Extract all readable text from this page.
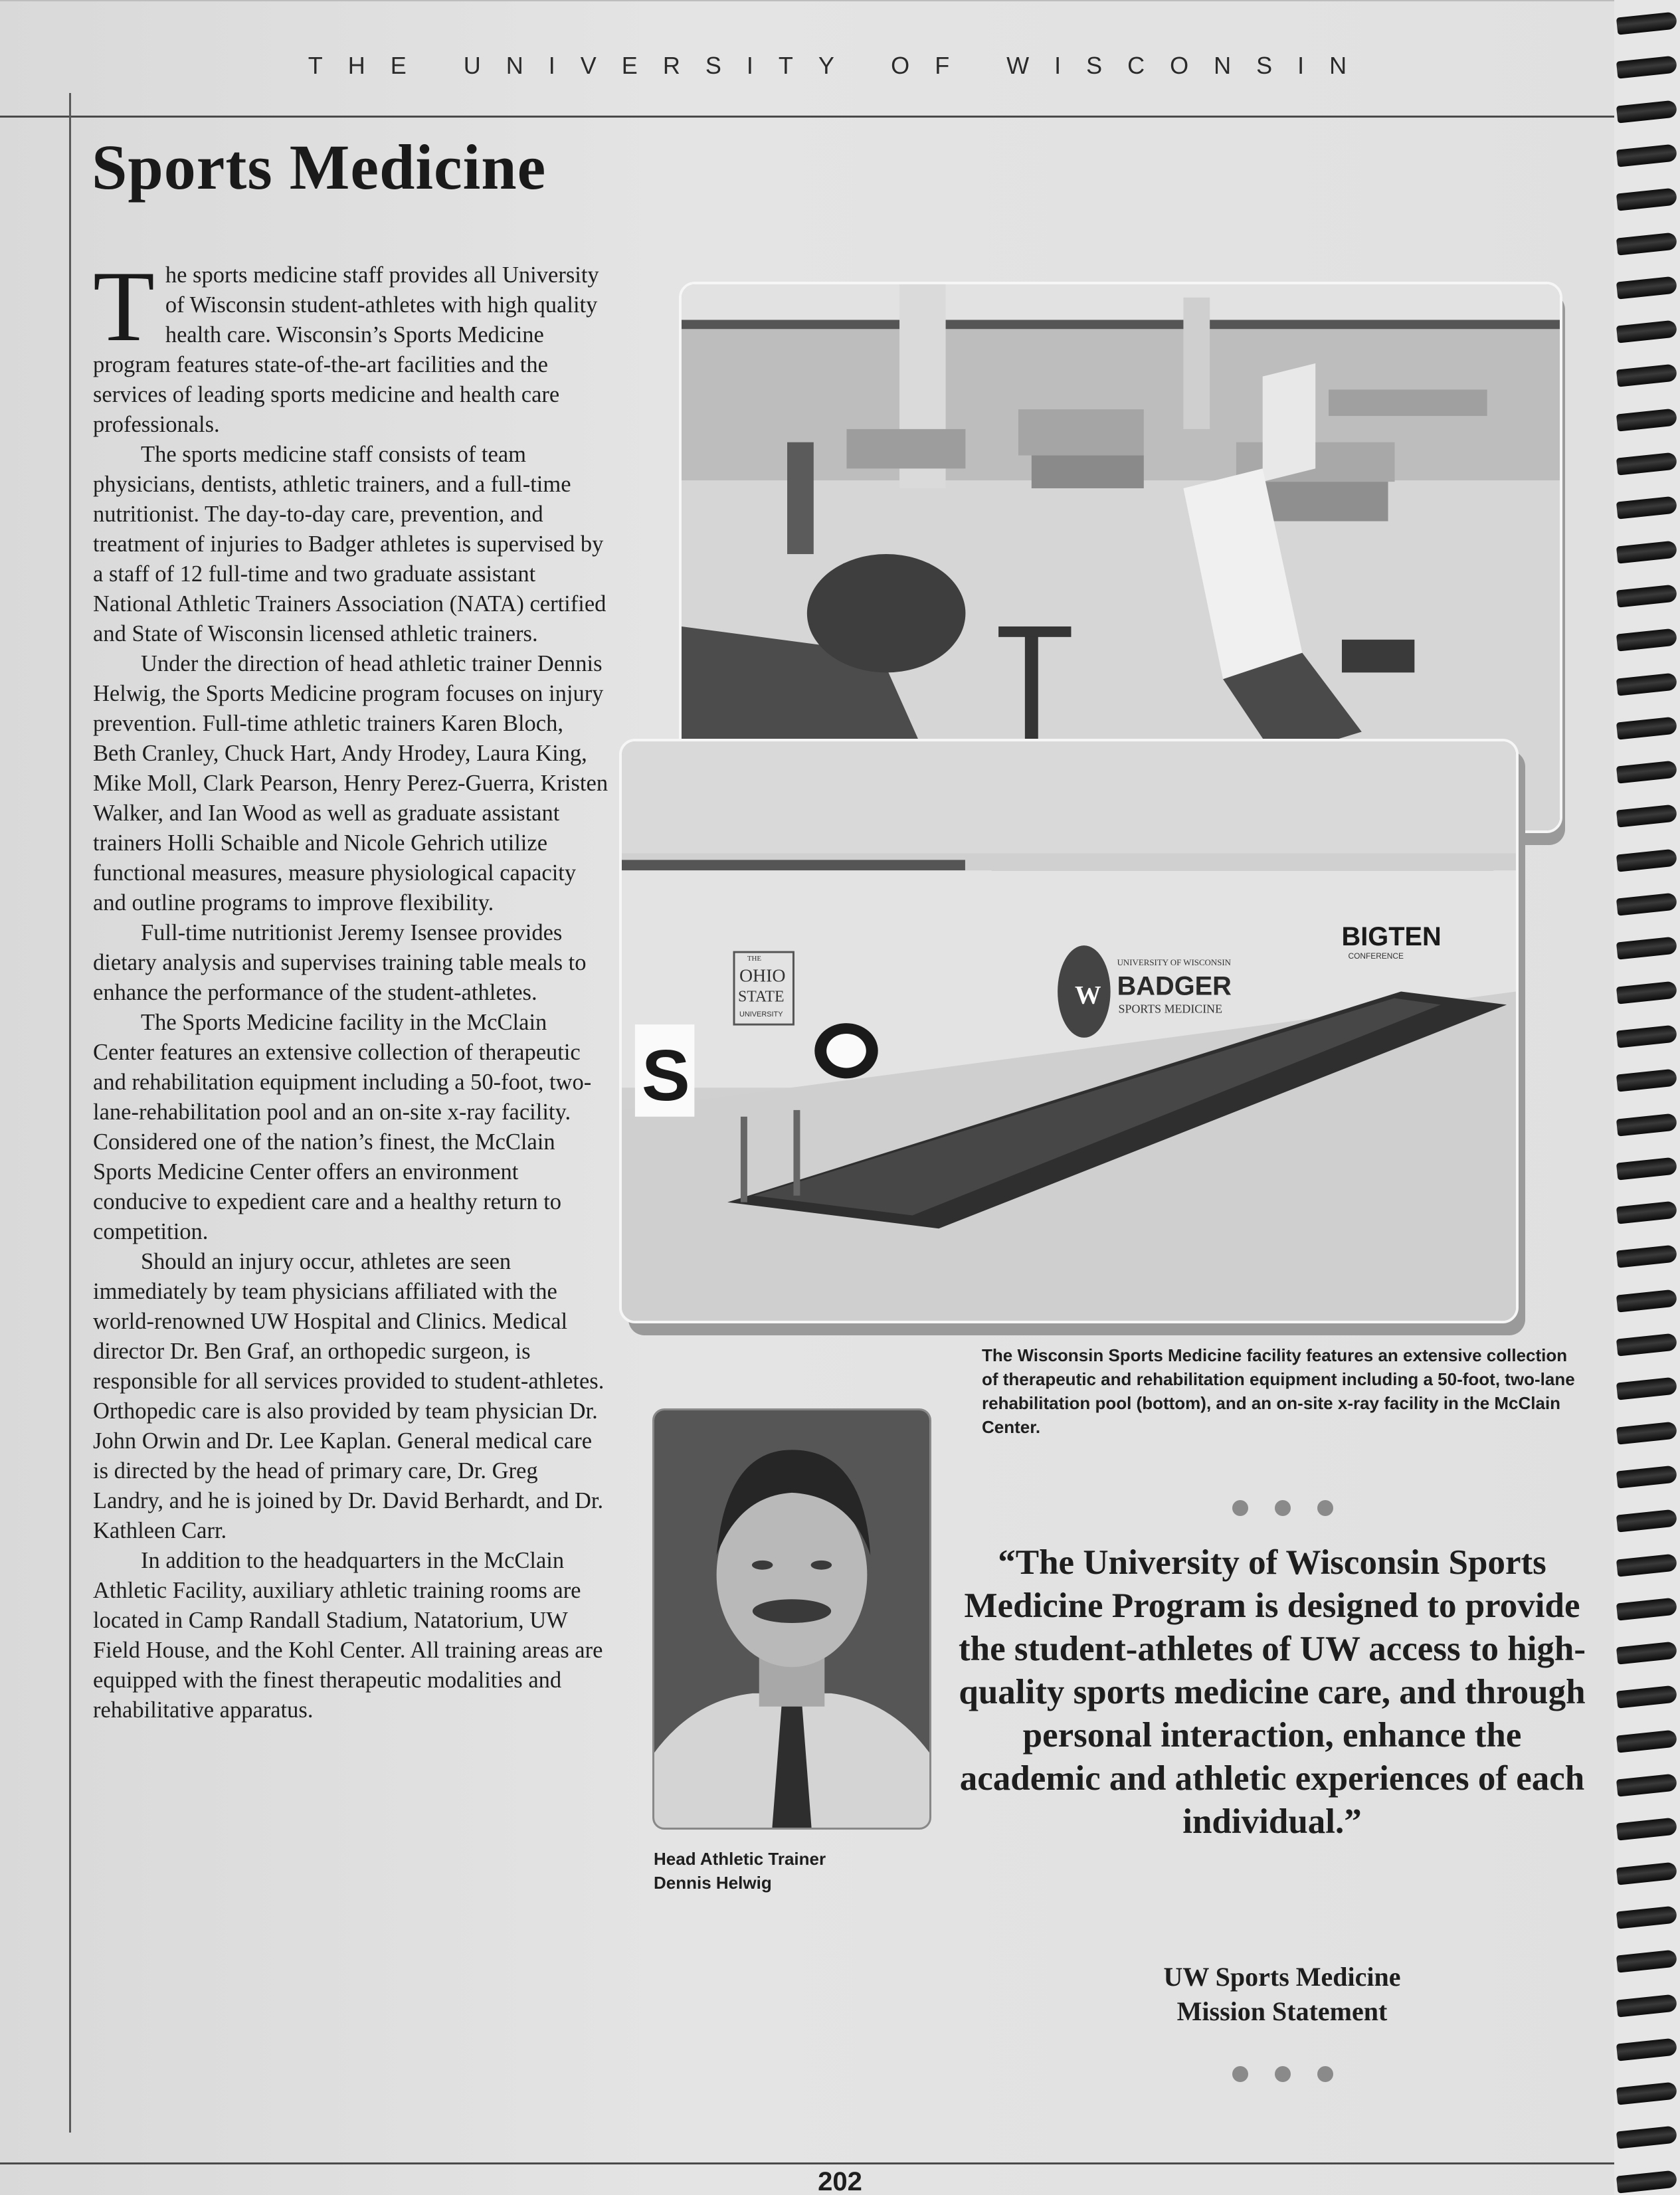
THE UNIVERSITY OF WISCONSIN
Sports Medicine

The sports medicine staff provides all University of Wisconsin student-athletes with high quality health care. Wisconsin’s Sports Medicine program features state-of-the-art facilities and the services of leading sports medicine and health care professionals.

The sports medicine staff consists of team physicians, dentists, athletic trainers, and a full-time nutritionist. The day-to-day care, prevention, and treatment of injuries to Badger athletes is supervised by a staff of 12 full-time and two graduate assistant National Athletic Trainers Association (NATA) certified and State of Wisconsin licensed athletic trainers.

Under the direction of head athletic trainer Dennis Helwig, the Sports Medicine program focuses on injury prevention. Full-time athletic trainers Karen Bloch, Beth Cranley, Chuck Hart, Andy Hrodey, Laura King, Mike Moll, Clark Pearson, Henry Perez-Guerra, Kristen Walker, and Ian Wood as well as graduate assistant trainers Holli Schaible and Nicole Gehrich utilize functional measures, measure physiological capacity and outline programs to improve flexibility.

Full-time nutritionist Jeremy Isensee provides dietary analysis and supervises training table meals to enhance the performance of the student-athletes.

The Sports Medicine facility in the McClain Center features an extensive collection of therapeutic and rehabilitation equipment including a 50-foot, two-lane-rehabilitation pool and an on-site x-ray facility. Considered one of the nation’s finest, the McClain Sports Medicine Center offers an environment conducive to expedient care and a healthy return to competition.

Should an injury occur, athletes are seen immediately by team physicians affiliated with the world-renowned UW Hospital and Clinics. Medical director Dr. Ben Graf, an orthopedic surgeon, is responsible for all services provided to student-athletes. Orthopedic care is also provided by team physician Dr. John Orwin and Dr. Lee Kaplan. General medical care is directed by the head of primary care, Dr. Greg Landry, and he is joined by Dr. David Berhardt, and Dr. Kathleen Carr.

In addition to the headquarters in the McClain Athletic Facility, auxiliary athletic training rooms are located in Camp Randall Stadium, Natatorium, UW Field House, and the Kohl Center. All training areas are equipped with the finest therapeutic modalities and rehabilitative apparatus.

S
THE
OHIO
STATE
UNIVERSITY
W
UNIVERSITY OF WISCONSIN
BADGER
SPORTS MEDICINE
BIGTEN
CONFERENCE
The Wisconsin Sports Medicine facility features an extensive collection of therapeutic and rehabilitation equipment including a 50-foot, two-lane rehabilitation pool (bottom), and an on-site x-ray facility in the McClain Center.
Head Athletic Trainer
Dennis Helwig
“The University of Wisconsin Sports Medicine Program is designed to provide the student-athletes of UW access to high-quality sports medicine care, and through personal interaction, enhance the academic and athletic experiences of each individual.”
UW Sports Medicine
Mission Statement
202
